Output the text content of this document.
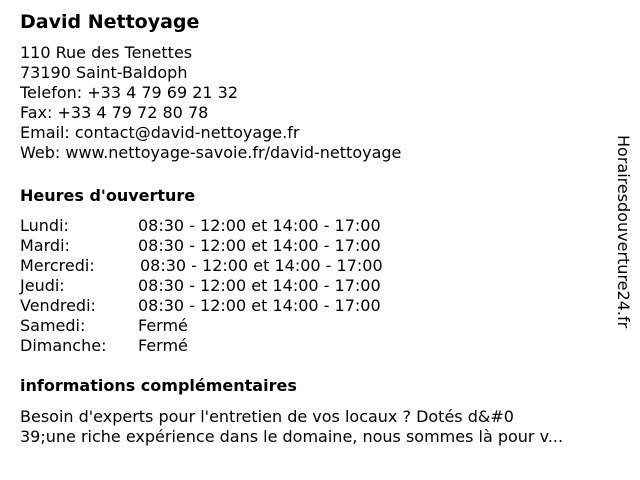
David Nettoyage
110 Rue des Tenettes
73190 Saint-Baldoph
Telefon: +33 4 79 69 21 32
Fax: +33 4 79 72 80 78
Email: contact@david-nettoyage.fr
Web: www.nettoyage-savoie.fr/david-nettoyage
Heures d'ouverture
Lundi:	08:30 - 12:00 et 14:00 - 17:00
Mardi:	08:30 - 12:00 et 14:00 - 17:00
Mercredi:	08:30 - 12:00 et 14:00 - 17:00
Jeudi:	08:30 - 12:00 et 14:00 - 17:00
Vendredi:	08:30 - 12:00 et 14:00 - 17:00
Samedi:	Fermé
Dimanche: Fermé
informations complémentaires
Besoin d'experts pour l'entretien de vos locaux ? Dotés d&#0
39;une riche expérience dans le domaine, nous sommes là pour v...
Horairesdouverture24.fr
